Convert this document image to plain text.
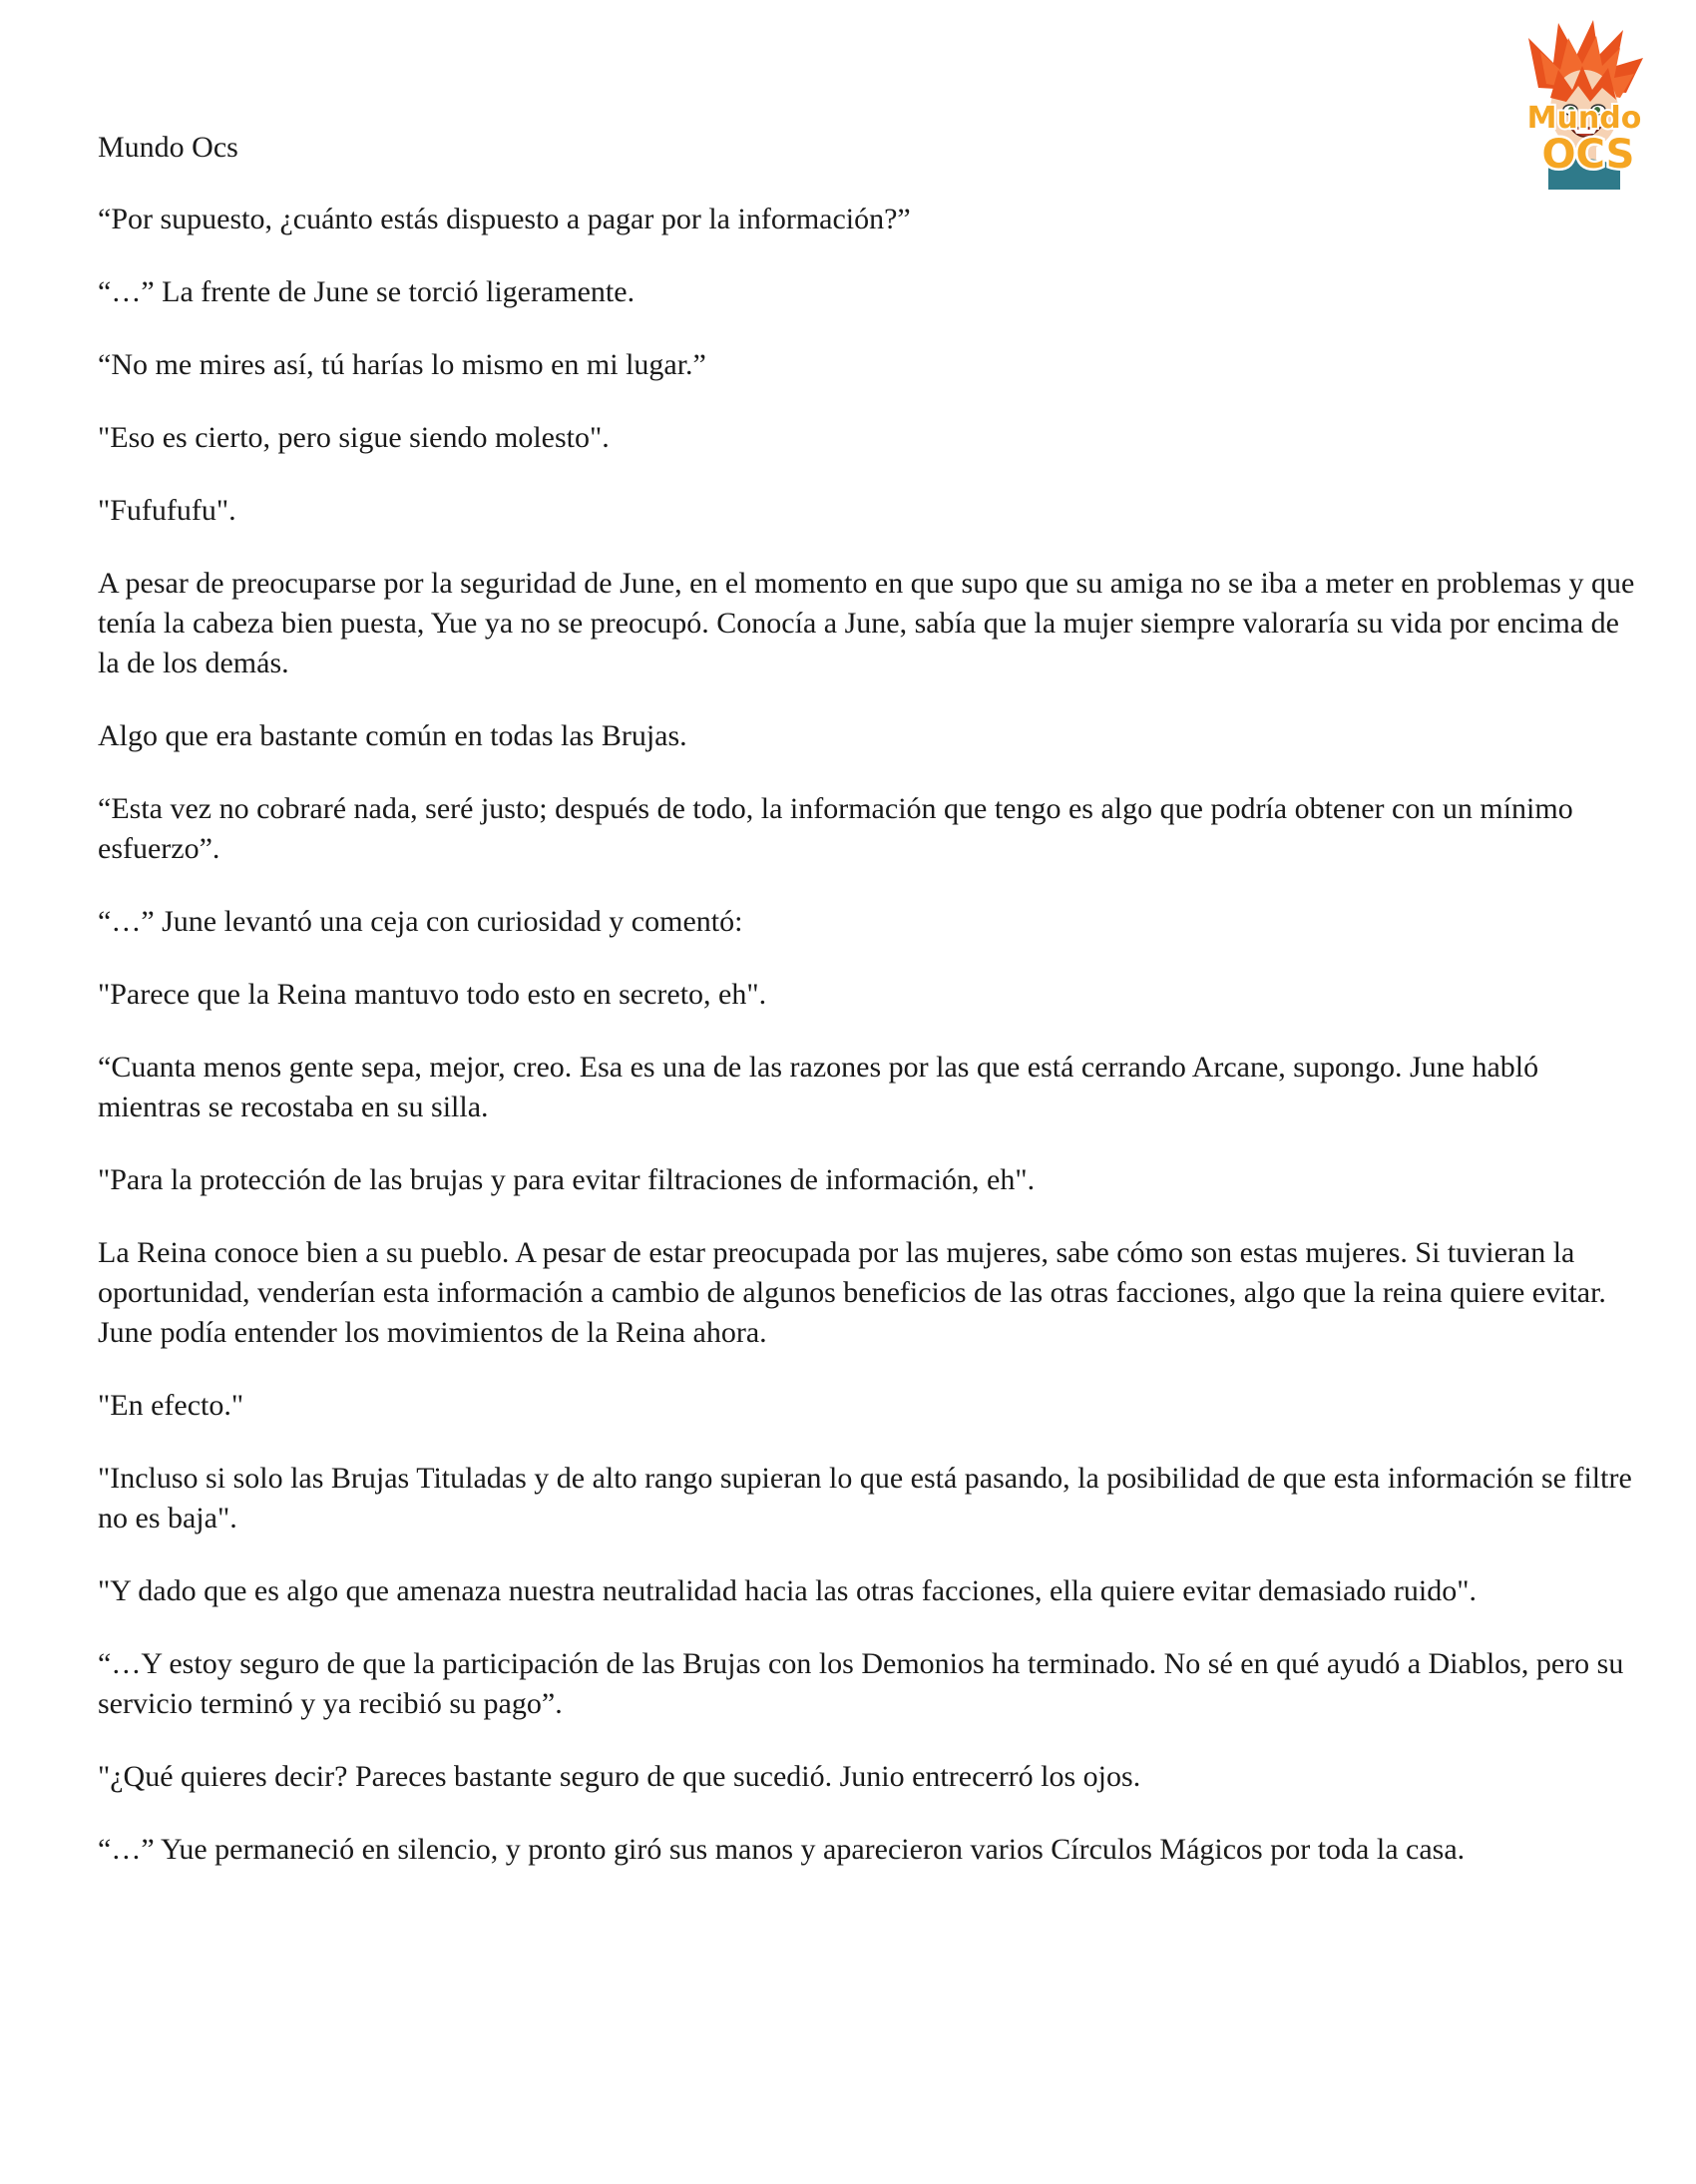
Mundo
OCS
Mundo Ocs

“Por supuesto, ¿cuánto estás dispuesto a pagar por la información?”

“…” La frente de June se torció ligeramente.

“No me mires así, tú harías lo mismo en mi lugar.”

"Eso es cierto, pero sigue siendo molesto".

"Fufufufu".

A pesar de preocuparse por la seguridad de June, en el momento en que supo que su amiga no se iba a meter en problemas y que tenía la cabeza bien puesta, Yue ya no se preocupó. Conocía a June, sabía que la mujer siempre valoraría su vida por encima de la de los demás.

Algo que era bastante común en todas las Brujas.

“Esta vez no cobraré nada, seré justo; después de todo, la información que tengo es algo que podría obtener con un mínimo esfuerzo”.

“…” June levantó una ceja con curiosidad y comentó:

"Parece que la Reina mantuvo todo esto en secreto, eh".

“Cuanta menos gente sepa, mejor, creo. Esa es una de las razones por las que está cerrando Arcane, supongo. June habló mientras se recostaba en su silla.

"Para la protección de las brujas y para evitar filtraciones de información, eh".

La Reina conoce bien a su pueblo. A pesar de estar preocupada por las mujeres, sabe cómo son estas mujeres. Si tuvieran la oportunidad, venderían esta información a cambio de algunos beneficios de las otras facciones, algo que la reina quiere evitar. June podía entender los movimientos de la Reina ahora.

"En efecto."

"Incluso si solo las Brujas Tituladas y de alto rango supieran lo que está pasando, la posibilidad de que esta información se filtre no es baja".

"Y dado que es algo que amenaza nuestra neutralidad hacia las otras facciones, ella quiere evitar demasiado ruido".

“…Y estoy seguro de que la participación de las Brujas con los Demonios ha terminado. No sé en qué ayudó a Diablos, pero su servicio terminó y ya recibió su pago”.

"¿Qué quieres decir? Pareces bastante seguro de que sucedió. Junio entrecerró los ojos.

“…” Yue permaneció en silencio, y pronto giró sus manos y aparecieron varios Círculos Mágicos por toda la casa.
